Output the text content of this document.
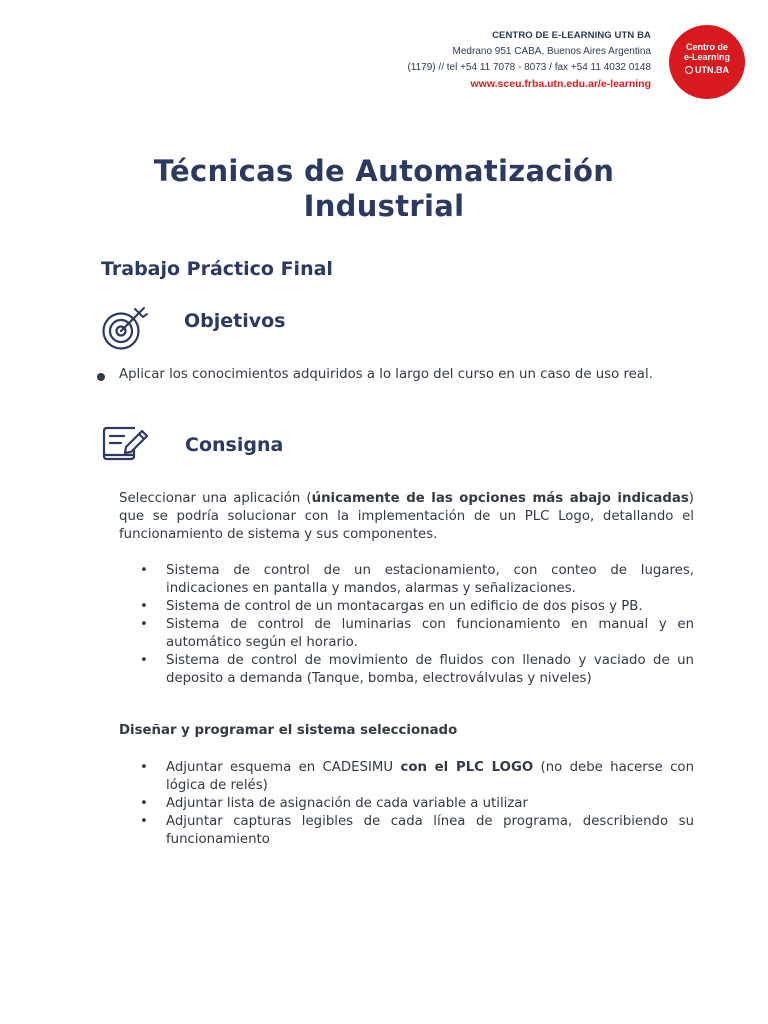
CENTRO DE E-LEARNING UTN BA
Medrano 951 CABA, Buenos Aires Argentina
(1179) // tel +54 11 7078 - 8073 / fax +54 11 4032 0148
www.sceu.frba.utn.edu.ar/e-learning
Centro de
e-Learning
UTN.BA
Técnicas de Automatización
Industrial
Trabajo Práctico Final
Objetivos
Aplicar los conocimientos adquiridos a lo largo del curso en un caso de uso real.
Consigna
Seleccionar una aplicación (únicamente de las opciones más abajo indicadas) que se podría solucionar con la implementación de un PLC Logo, detallando el funcionamiento de sistema y sus componentes.
• Sistema de control de un estacionamiento, con conteo de lugares, indicaciones en pantalla y mandos, alarmas y señalizaciones.
• Sistema de control de un montacargas en un edificio de dos pisos y PB.
• Sistema de control de luminarias con funcionamiento en manual y en automático según el horario.
• Sistema de control de movimiento de fluidos con llenado y vaciado de un deposito a demanda (Tanque, bomba, electroválvulas y niveles)
Diseñar y programar el sistema seleccionado
• Adjuntar esquema en CADESIMU con el PLC LOGO (no debe hacerse con lógica de relés)
• Adjuntar lista de asignación de cada variable a utilizar
• Adjuntar capturas legibles de cada línea de programa, describiendo su funcionamiento
